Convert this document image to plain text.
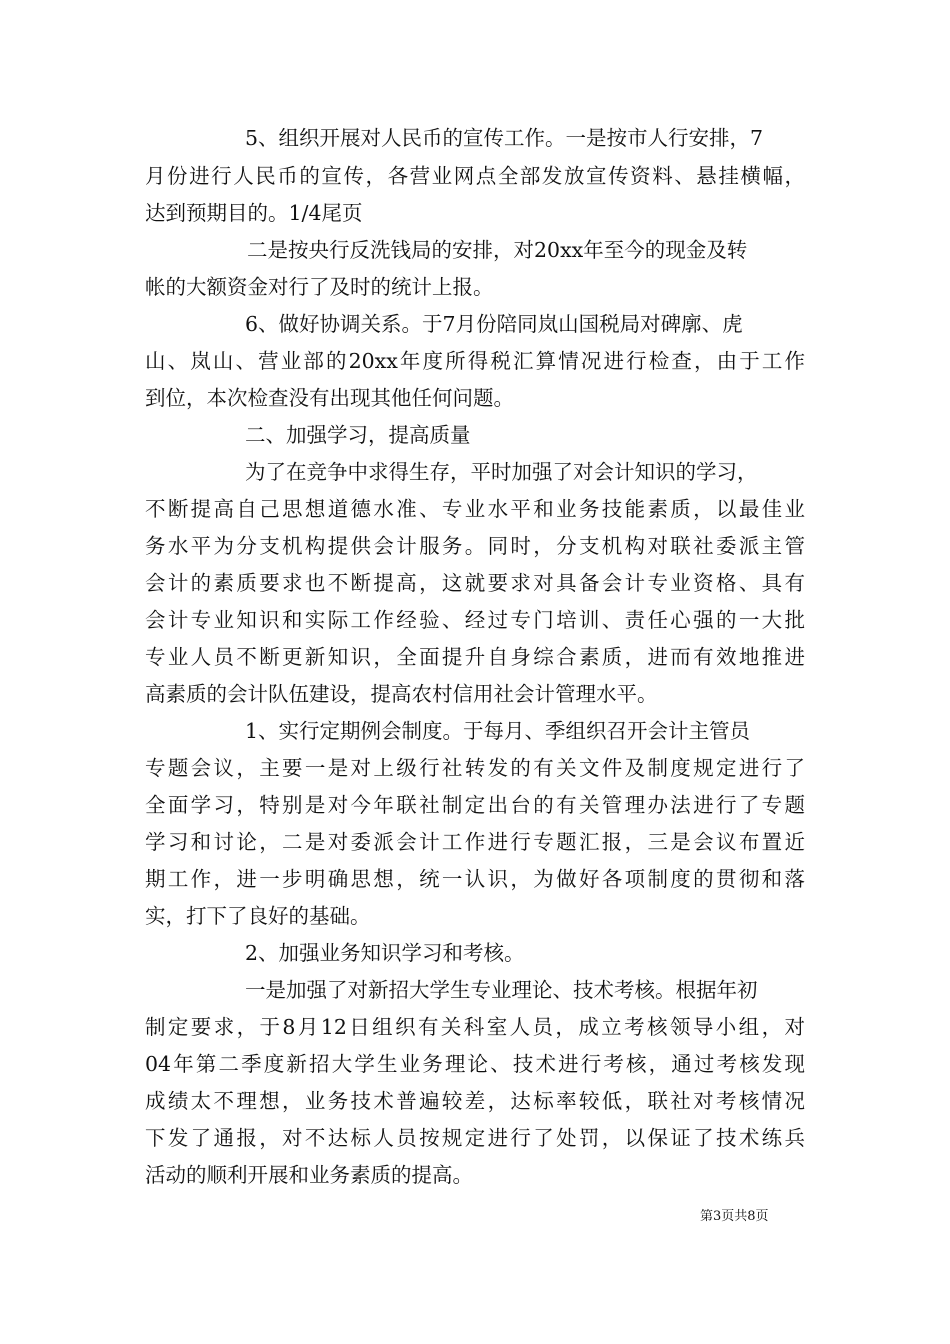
5、组织开展对人民币的宣传工作。一是按市人行安排，7
月份进行人民币的宣传，各营业网点全部发放宣传资料、悬挂横幅，
达到预期目的。1/4尾页
二是按央行反洗钱局的安排，对20xx年至今的现金及转
帐的大额资金对行了及时的统计上报。
6、做好协调关系。于7月份陪同岚山国税局对碑廓、虎
山、岚山、营业部的20xx年度所得税汇算情况进行检查，由于工作
到位，本次检查没有出现其他任何问题。
二、加强学习，提高质量
为了在竞争中求得生存，平时加强了对会计知识的学习，
不断提高自己思想道德水准、专业水平和业务技能素质，以最佳业
务水平为分支机构提供会计服务。同时，分支机构对联社委派主管
会计的素质要求也不断提高，这就要求对具备会计专业资格、具有
会计专业知识和实际工作经验、经过专门培训、责任心强的一大批
专业人员不断更新知识，全面提升自身综合素质，进而有效地推进
高素质的会计队伍建设，提高农村信用社会计管理水平。
1、实行定期例会制度。于每月、季组织召开会计主管员
专题会议，主要一是对上级行社转发的有关文件及制度规定进行了
全面学习，特别是对今年联社制定出台的有关管理办法进行了专题
学习和讨论，二是对委派会计工作进行专题汇报，三是会议布置近
期工作，进一步明确思想，统一认识，为做好各项制度的贯彻和落
实，打下了良好的基础。
2、加强业务知识学习和考核。
一是加强了对新招大学生专业理论、技术考核。根据年初
制定要求，于8月12日组织有关科室人员，成立考核领导小组，对
04年第二季度新招大学生业务理论、技术进行考核，通过考核发现
成绩太不理想，业务技术普遍较差，达标率较低，联社对考核情况
下发了通报，对不达标人员按规定进行了处罚，以保证了技术练兵
活动的顺利开展和业务素质的提高。
第3页共8页
